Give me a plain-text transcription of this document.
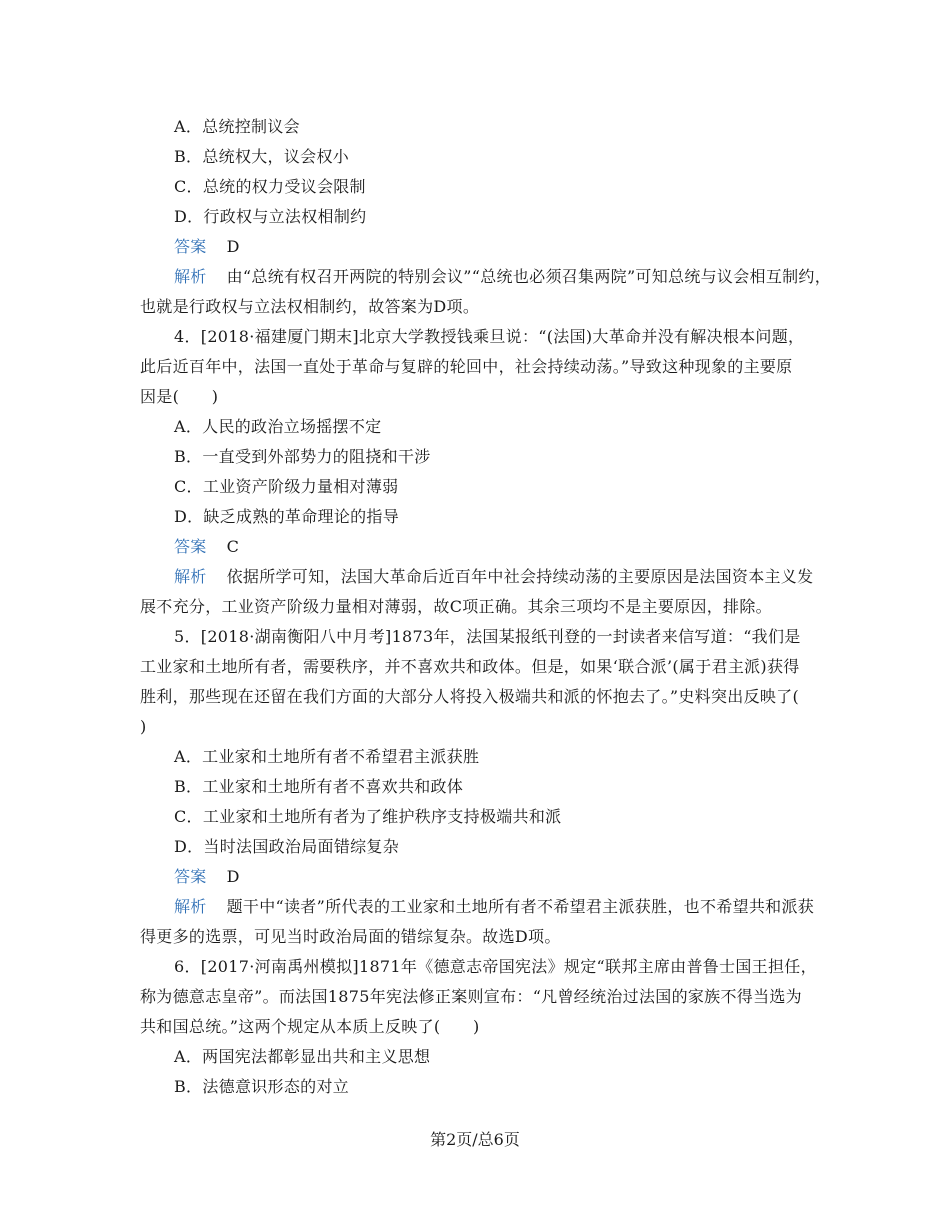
A．总统控制议会
B．总统权大，议会权小
C．总统的权力受议会限制
D．行政权与立法权相制约
答案 D
解析 由“总统有权召开两院的特别会议”“总统也必须召集两院”可知总统与议会相互制约，
也就是行政权与立法权相制约，故答案为D项。
4．[2018·福建厦门期末]北京大学教授钱乘旦说：“(法国)大革命并没有解决根本问题，
此后近百年中，法国一直处于革命与复辟的轮回中，社会持续动荡。”导致这种现象的主要原
因是(　　)
A．人民的政治立场摇摆不定
B．一直受到外部势力的阻挠和干涉
C．工业资产阶级力量相对薄弱
D．缺乏成熟的革命理论的指导
答案 C
解析 依据所学可知，法国大革命后近百年中社会持续动荡的主要原因是法国资本主义发
展不充分，工业资产阶级力量相对薄弱，故C项正确。其余三项均不是主要原因，排除。
5．[2018·湖南衡阳八中月考]1873年，法国某报纸刊登的一封读者来信写道：“我们是
工业家和土地所有者，需要秩序，并不喜欢共和政体。但是，如果‘联合派’(属于君主派)获得
胜利，那些现在还留在我们方面的大部分人将投入极端共和派的怀抱去了。”史料突出反映了(
)
A．工业家和土地所有者不希望君主派获胜
B．工业家和土地所有者不喜欢共和政体
C．工业家和土地所有者为了维护秩序支持极端共和派
D．当时法国政治局面错综复杂
答案 D
解析 题干中“读者”所代表的工业家和土地所有者不希望君主派获胜，也不希望共和派获
得更多的选票，可见当时政治局面的错综复杂。故选D项。
6．[2017·河南禹州模拟]1871年《德意志帝国宪法》规定“联邦主席由普鲁士国王担任，
称为德意志皇帝”。而法国1875年宪法修正案则宣布：“凡曾经统治过法国的家族不得当选为
共和国总统。”这两个规定从本质上反映了(　　)
A．两国宪法都彰显出共和主义思想
B．法德意识形态的对立
第2页/总6页
